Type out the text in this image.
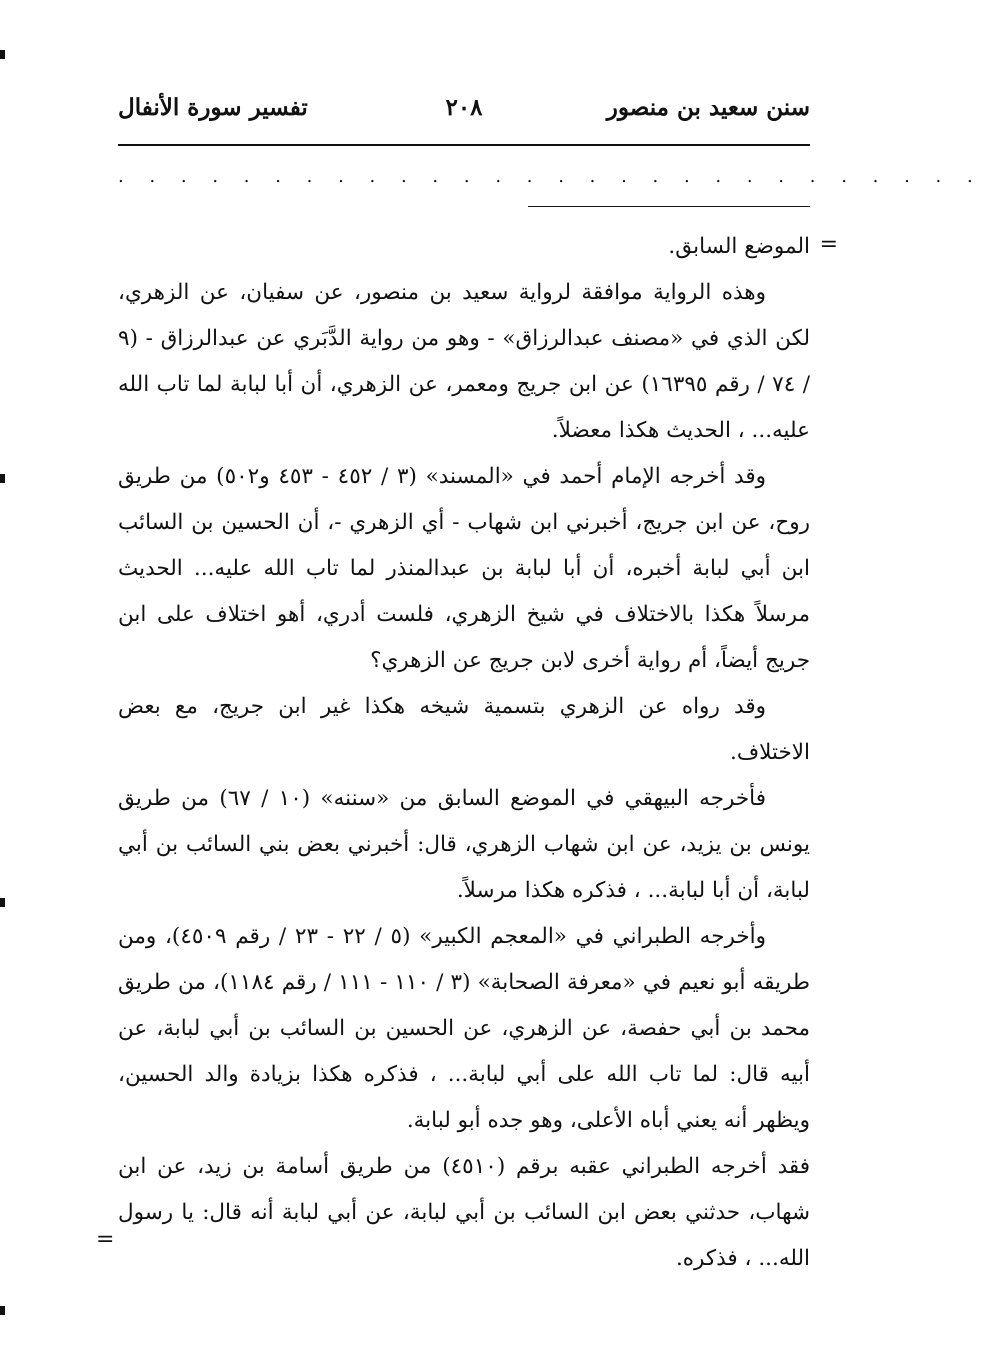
سنن سعيد بن منصور
٢٠٨
تفسير سورة الأنفال
. . . . . . . . . . . . . . . . . . . . . . . . . . . .
=

الموضع السابق.

وهذه الرواية موافقة لرواية سعيد بن منصور، عن سفيان، عن الزهري، لكن الذي في «مصنف عبدالرزاق» - وهو من رواية الدَّبَري عن عبدالرزاق - (٩ / ٧٤ / رقم ١٦٣٩٥) عن ابن جريج ومعمر، عن الزهري، أن أبا لبابة لما تاب الله عليه... ، الحديث هكذا معضلاً.

وقد أخرجه الإمام أحمد في «المسند» (٣ / ٤٥٢ - ٤٥٣ و٥٠٢) من طريق روح، عن ابن جريج، أخبرني ابن شهاب - أي الزهري -، أن الحسين بن السائب ابن أبي لبابة أخبره، أن أبا لبابة بن عبدالمنذر لما تاب الله عليه... الحديث مرسلاً هكذا بالاختلاف في شيخ الزهري، فلست أدري، أهو اختلاف على ابن جريج أيضاً، أم رواية أخرى لابن جريج عن الزهري؟

وقد رواه عن الزهري بتسمية شيخه هكذا غير ابن جريج، مع بعض الاختلاف.

فأخرجه البيهقي في الموضع السابق من «سننه» (١٠ / ٦٧) من طريق يونس بن يزيد، عن ابن شهاب الزهري، قال: أخبرني بعض بني السائب بن أبي لبابة، أن أبا لبابة... ، فذكره هكذا مرسلاً.

وأخرجه الطبراني في «المعجم الكبير» (٥ / ٢٢ - ٢٣ / رقم ٤٥٠٩)، ومن طريقه أبو نعيم في «معرفة الصحابة» (٣ / ١١٠ - ١١١ / رقم ١١٨٤)، من طريق محمد بن أبي حفصة، عن الزهري، عن الحسين بن السائب بن أبي لبابة، عن أبيه قال: لما تاب الله على أبي لبابة... ، فذكره هكذا بزيادة والد الحسين، ويظهر أنه يعني أباه الأعلى، وهو جده أبو لبابة.

فقد أخرجه الطبراني عقبه برقم (٤٥١٠) من طريق أسامة بن زيد، عن ابن شهاب، حدثني بعض ابن السائب بن أبي لبابة، عن أبي لبابة أنه قال: يا رسول الله... ، فذكره.

=
